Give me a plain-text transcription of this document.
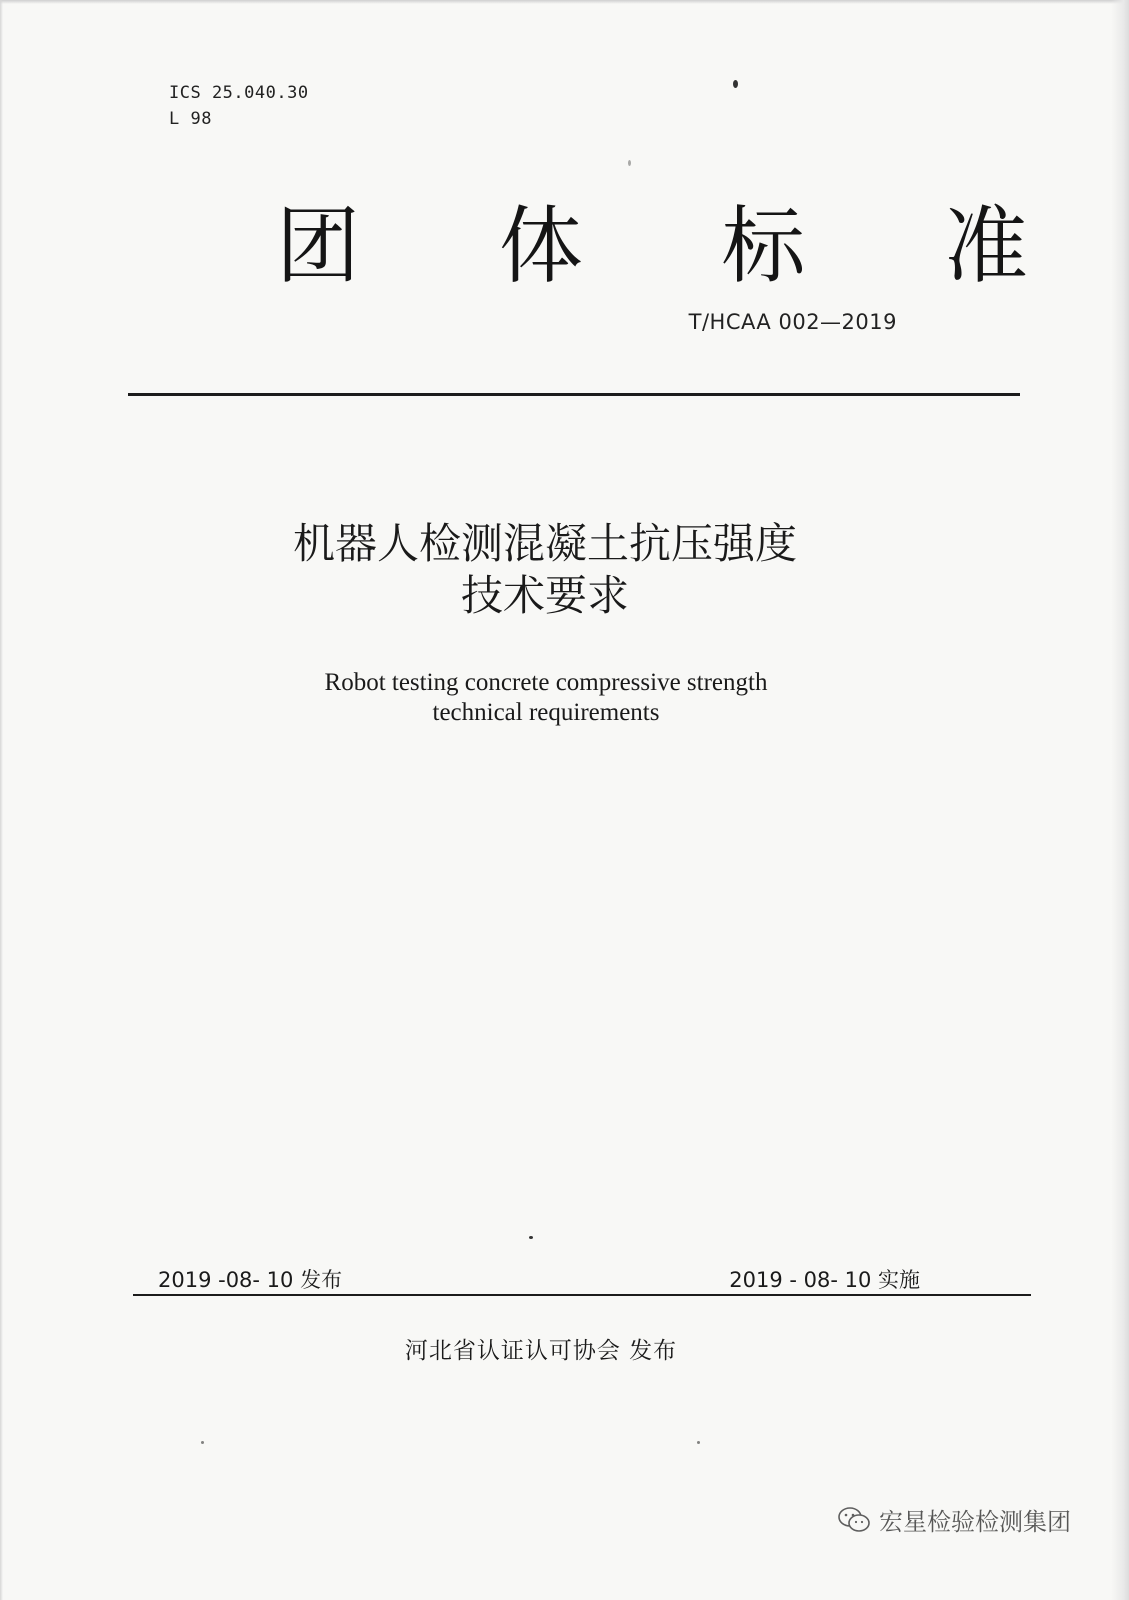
ICS 25.040.30
L 98
团 体 标 准
T/HCAA 002—2019
机器人检测混凝土抗压强度
技术要求
Robot testing concrete compressive strength
technical requirements
2019 -08- 10 发布	2019 - 08- 10 实施
河北省认证认可协会 发布
宏星检验检测集团
